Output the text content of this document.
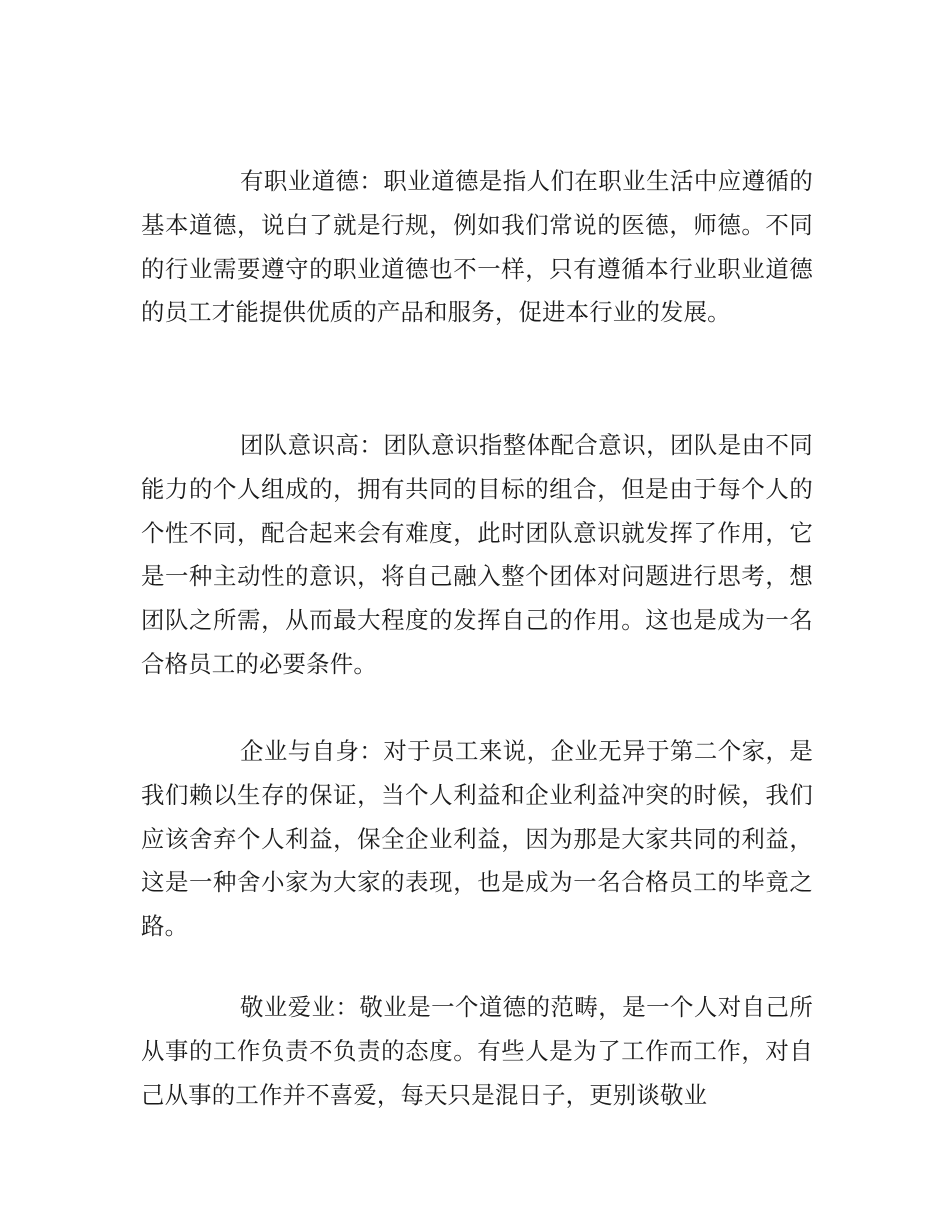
有职业道德：职业道德是指人们在职业生活中应遵循的基本道德，说白了就是行规，例如我们常说的医德，师德。不同的行业需要遵守的职业道德也不一样，只有遵循本行业职业道德的员工才能提供优质的产品和服务，促进本行业的发展。

团队意识高：团队意识指整体配合意识，团队是由不同能力的个人组成的，拥有共同的目标的组合，但是由于每个人的个性不同，配合起来会有难度，此时团队意识就发挥了作用，它是一种主动性的意识，将自己融入整个团体对问题进行思考，想团队之所需，从而最大程度的发挥自己的作用。这也是成为一名合格员工的必要条件。

企业与自身：对于员工来说，企业无异于第二个家，是我们赖以生存的保证，当个人利益和企业利益冲突的时候，我们应该舍弃个人利益，保全企业利益，因为那是大家共同的利益，这是一种舍小家为大家的表现，也是成为一名合格员工的毕竟之路。

敬业爱业：敬业是一个道德的范畴，是一个人对自己所从事的工作负责不负责的态度。有些人是为了工作而工作，对自己从事的工作并不喜爱，每天只是混日子，更别谈敬业
